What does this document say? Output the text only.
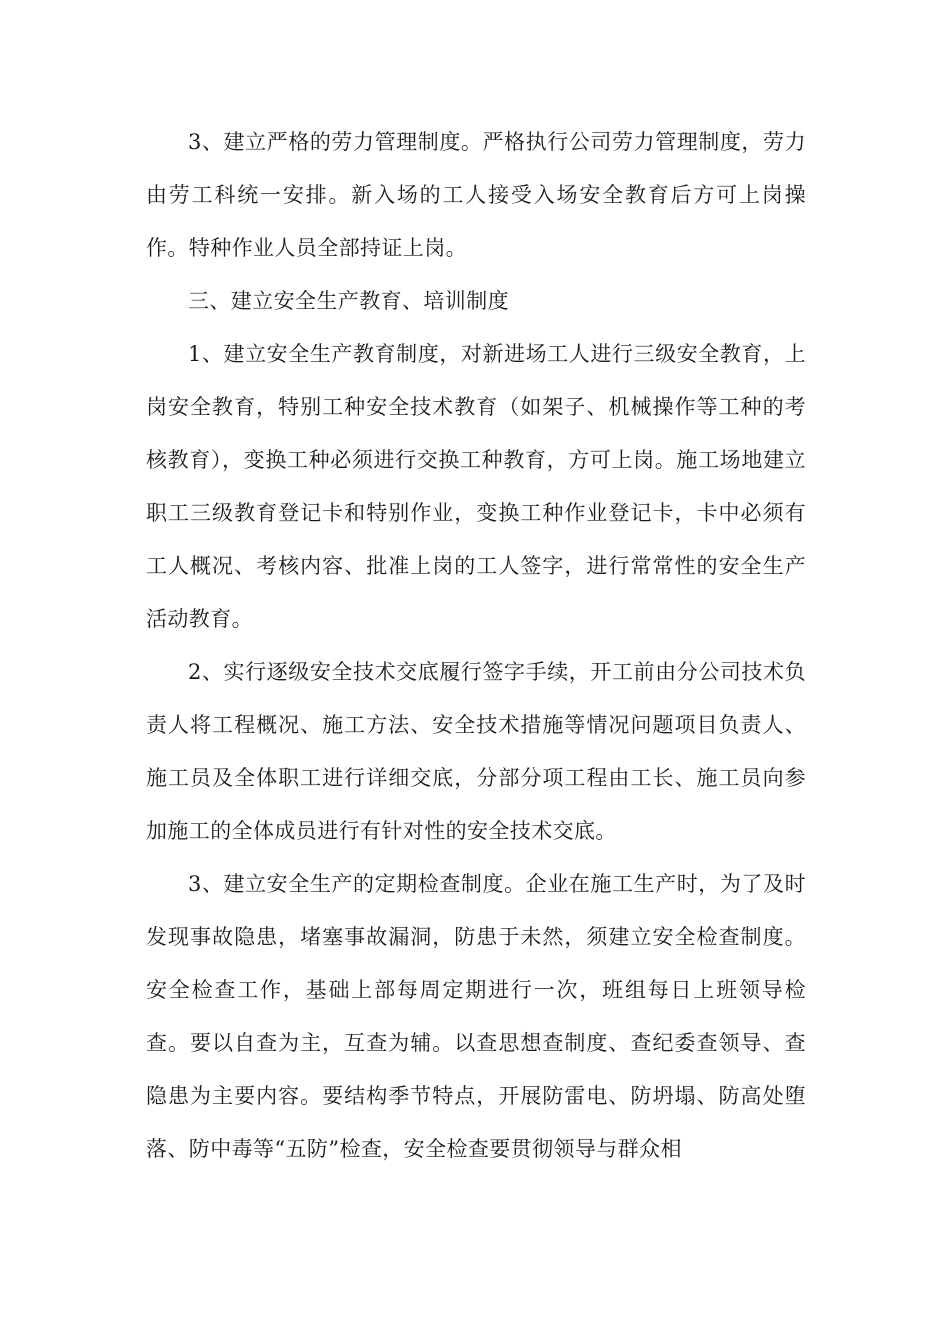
3、建立严格的劳力管理制度。严格执行公司劳力管理制度，劳力由劳工科统一安排。新入场的工人接受入场安全教育后方可上岗操作。特种作业人员全部持证上岗。

三、建立安全生产教育、培训制度

1、建立安全生产教育制度，对新进场工人进行三级安全教育，上岗安全教育，特别工种安全技术教育（如架子、机械操作等工种的考核教育），变换工种必须进行交换工种教育，方可上岗。施工场地建立职工三级教育登记卡和特别作业，变换工种作业登记卡，卡中必须有工人概况、考核内容、批准上岗的工人签字，进行常常性的安全生产活动教育。

2、实行逐级安全技术交底履行签字手续，开工前由分公司技术负责人将工程概况、施工方法、安全技术措施等情况问题项目负责人、施工员及全体职工进行详细交底，分部分项工程由工长、施工员向参加施工的全体成员进行有针对性的安全技术交底。

3、建立安全生产的定期检查制度。企业在施工生产时，为了及时发现事故隐患，堵塞事故漏洞，防患于未然，须建立安全检查制度。安全检查工作，基础上部每周定期进行一次，班组每日上班领导检查。要以自查为主，互查为辅。以查思想查制度、查纪委查领导、查隐患为主要内容。要结构季节特点，开展防雷电、防坍塌、防高处堕落、防中毒等“五防”检查，安全检查要贯彻领导与群众相
